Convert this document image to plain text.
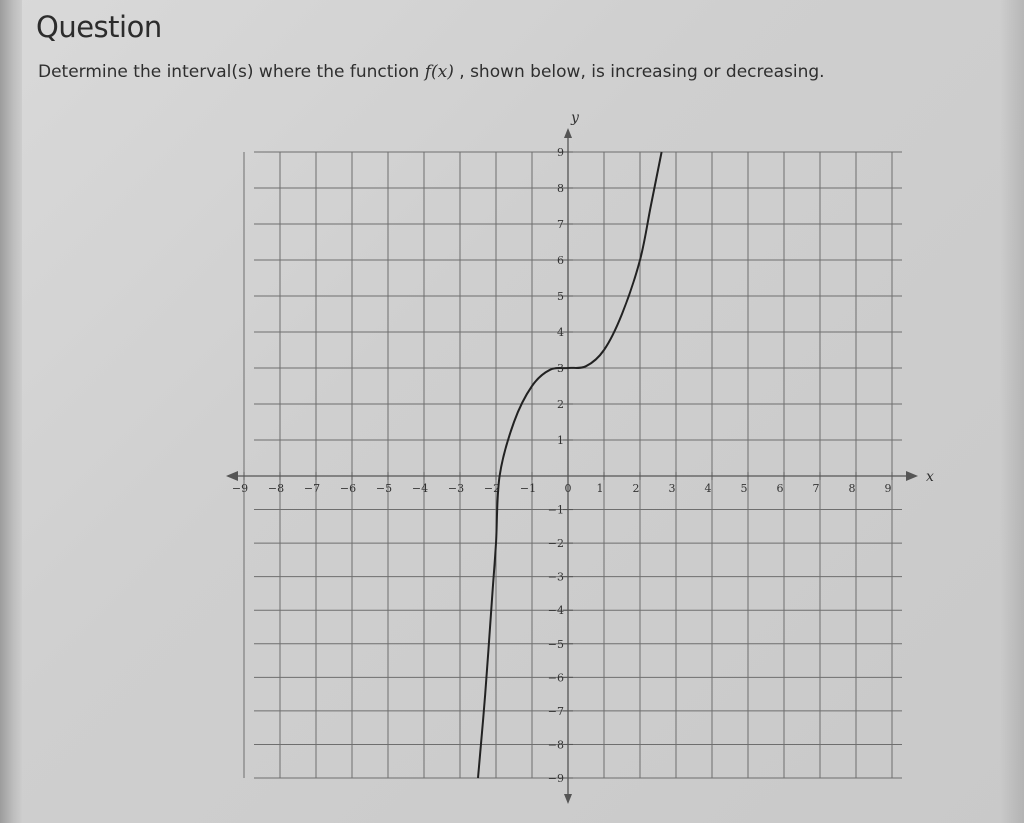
Question
Determine the interval(s) where the function f(x) , shown below, is increasing or decreasing.
x
y
−9 −8 −7 −6 −5 −4 −3 −2 −1	0 1	2	3	4	5	6	7	8	9
9
8
7
6
5
4
3
2
1
−1
−2
−3
−4
−5
−6
−7
−8
−9
